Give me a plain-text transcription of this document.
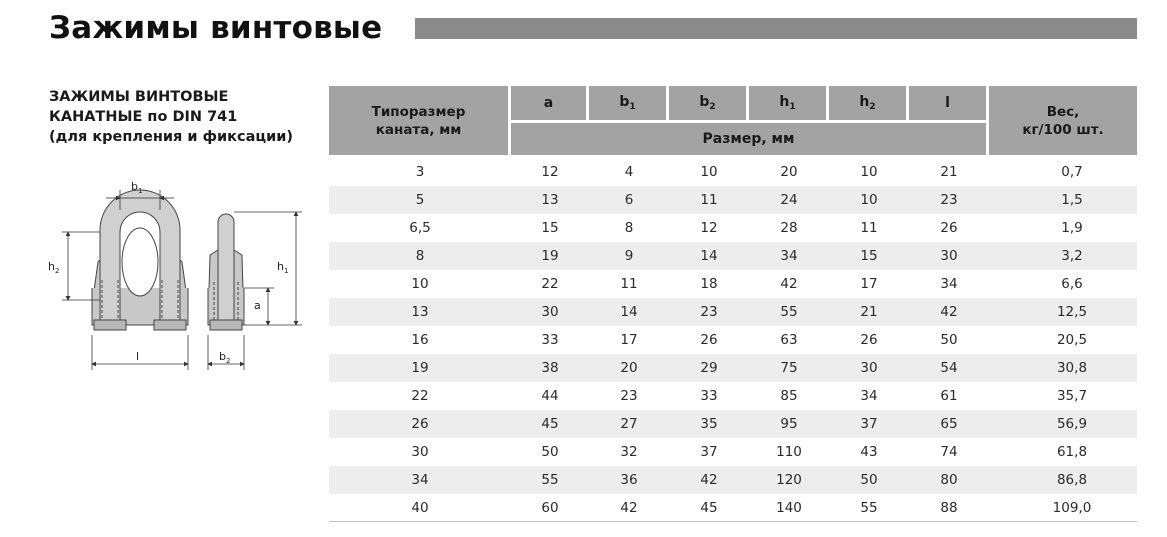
Зажимы винтовые
ЗАЖИМЫ ВИНТОВЫЕ
КАНАТНЫЕ по DIN 741
(для крепления и фиксации)
$b_1$
$h_2$
l	$b_2$
a
$h_1$
Типоразмер
каната, мм	a	$b_1$	$b_2$	$h_1$	$h_2$	l	Вес,
кг/100 шт.
	Размер, мм						
3	12	4	10	20	10	21	0,7
5	13	6	11	24	10	23	1,5
6,5	15	8	12	28	11	26	1,9
8	19	9	14	34	15	30	3,2
10	22	11	18	42	17	34	6,6
13	30	14	23	55	21	42	12,5
16	33	17	26	63	26	50	20,5
19	38	20	29	75	30	54	30,8
22	44	23	33	85	34	61	35,7
26	45	27	35	95	37	65	56,9
30	50	32	37	110	43	74	61,8
34	55	36	42	120	50	80	86,8
40	60	42	45	140	55	88	109,0
